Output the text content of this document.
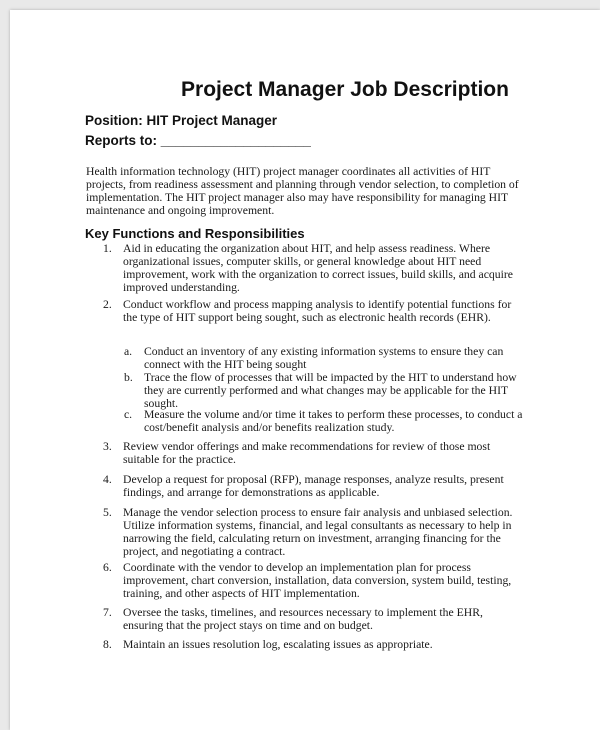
Project Manager Job Description
Position: HIT Project Manager
Reports to: ____________________
Health information technology (HIT) project manager coordinates all activities of HIT projects, from readiness assessment and planning through vendor selection, to completion of implementation. The HIT project manager also may have responsibility for managing HIT maintenance and ongoing improvement.
Key Functions and Responsibilities
1. Aid in educating the organization about HIT, and help assess readiness. Where organizational issues, computer skills, or general knowledge about HIT need improvement, work with the organization to correct issues, build skills, and acquire improved understanding.
2. Conduct workflow and process mapping analysis to identify potential functions for the type of HIT support being sought, such as electronic health records (EHR).
a. Conduct an inventory of any existing information systems to ensure they can connect with the HIT being sought
b. Trace the flow of processes that will be impacted by the HIT to understand how they are currently performed and what changes may be applicable for the HIT sought.
c. Measure the volume and/or time it takes to perform these processes, to conduct a cost/benefit analysis and/or benefits realization study.
3. Review vendor offerings and make recommendations for review of those most suitable for the practice.
4. Develop a request for proposal (RFP), manage responses, analyze results, present findings, and arrange for demonstrations as applicable.
5. Manage the vendor selection process to ensure fair analysis and unbiased selection. Utilize information systems, financial, and legal consultants as necessary to help in narrowing the field, calculating return on investment, arranging financing for the project, and negotiating a contract.
6. Coordinate with the vendor to develop an implementation plan for process improvement, chart conversion, installation, data conversion, system build, testing, training, and other aspects of HIT implementation.
7. Oversee the tasks, timelines, and resources necessary to implement the EHR, ensuring that the project stays on time and on budget.
8. Maintain an issues resolution log, escalating issues as appropriate.
